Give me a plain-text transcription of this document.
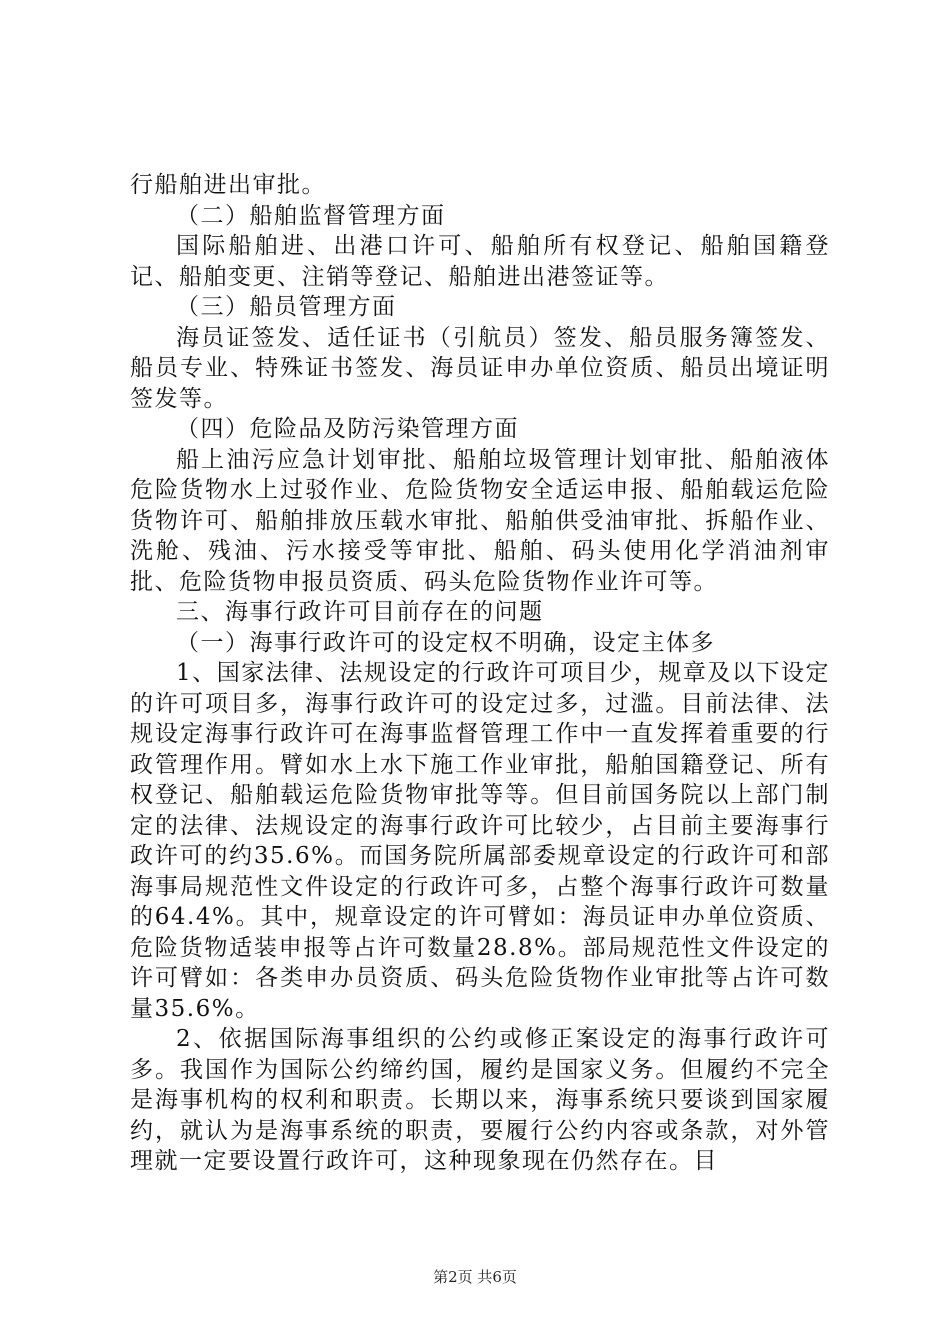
行船舶进出审批。

（二）船舶监督管理方面

国际船舶进、出港口许可、船舶所有权登记、船舶国籍登记、船舶变更、注销等登记、船舶进出港签证等。

（三）船员管理方面

海员证签发、适任证书（引航员）签发、船员服务簿签发、船员专业、特殊证书签发、海员证申办单位资质、船员出境证明签发等。

（四）危险品及防污染管理方面

船上油污应急计划审批、船舶垃圾管理计划审批、船舶液体危险货物水上过驳作业、危险货物安全适运申报、船舶载运危险货物许可、船舶排放压载水审批、船舶供受油审批、拆船作业、洗舱、残油、污水接受等审批、船舶、码头使用化学消油剂审批、危险货物申报员资质、码头危险货物作业许可等。

三、海事行政许可目前存在的问题

（一）海事行政许可的设定权不明确，设定主体多

1、国家法律、法规设定的行政许可项目少，规章及以下设定的许可项目多，海事行政许可的设定过多，过滥。目前法律、法规设定海事行政许可在海事监督管理工作中一直发挥着重要的行政管理作用。臂如水上水下施工作业审批，船舶国籍登记、所有权登记、船舶载运危险货物审批等等。但目前国务院以上部门制定的法律、法规设定的海事行政许可比较少，占目前主要海事行政许可的约35.6%。而国务院所属部委规章设定的行政许可和部海事局规范性文件设定的行政许可多，占整个海事行政许可数量的64.4%。其中，规章设定的许可臂如：海员证申办单位资质、危险货物适装申报等占许可数量28.8%。部局规范性文件设定的许可臂如：各类申办员资质、码头危险货物作业审批等占许可数量35.6%。

2、依据国际海事组织的公约或修正案设定的海事行政许可多。我国作为国际公约缔约国，履约是国家义务。但履约不完全是海事机构的权利和职责。长期以来，海事系统只要谈到国家履约，就认为是海事系统的职责，要履行公约内容或条款，对外管理就一定要设置行政许可，这种现象现在仍然存在。目

第2页 共6页
